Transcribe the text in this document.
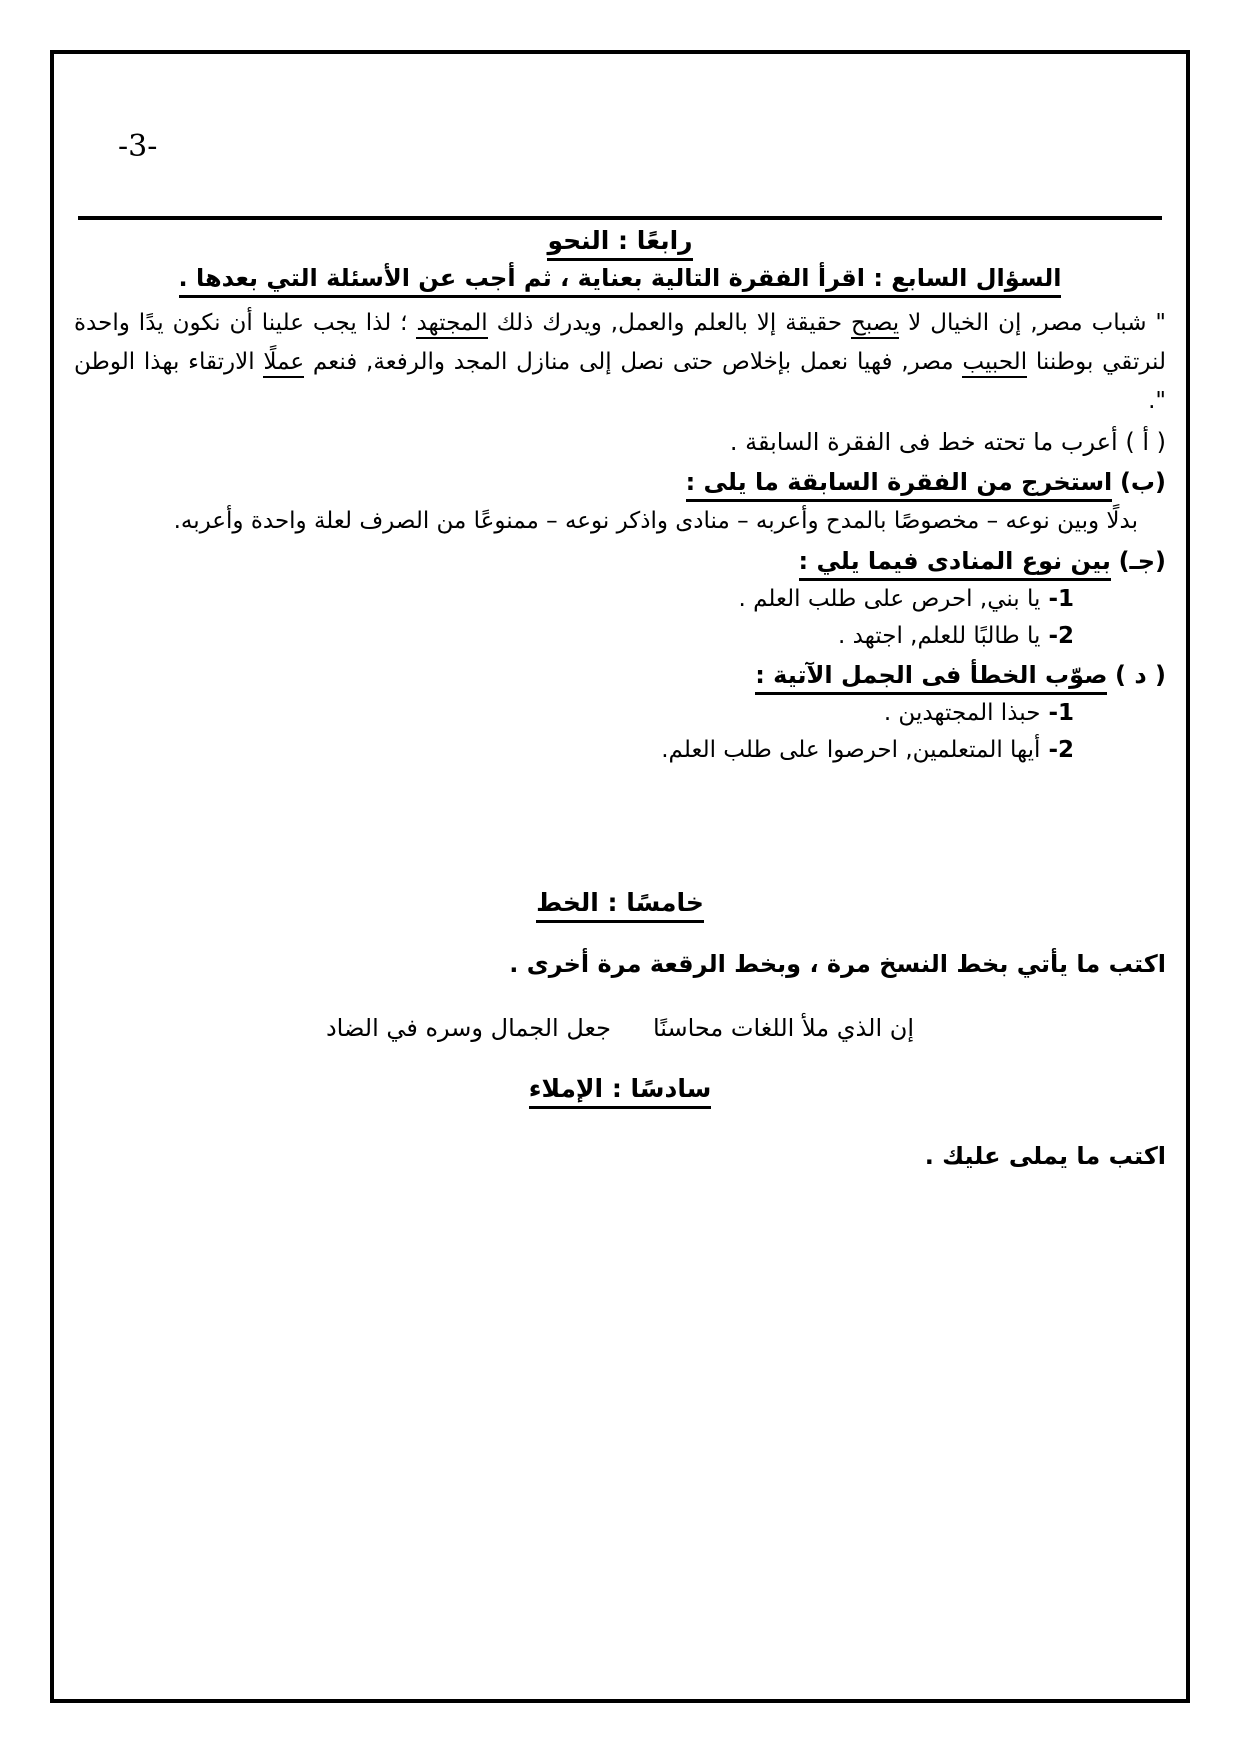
-3-
رابعًا : النحو
السؤال السابع : اقرأ الفقرة التالية بعناية ، ثم أجب عن الأسئلة التي بعدها .
" شباب مصر, إن الخيال لا يصبح حقيقة إلا بالعلم والعمل, ويدرك ذلك المجتهد ؛ لذا يجب علينا أن نكون يدًا واحدة لنرتقي بوطننا الحبيب مصر, فهيا نعمل بإخلاص حتى نصل إلى منازل المجد والرفعة, فنعم عملًا الارتقاء بهذا الوطن ".
( أ ) أعرب ما تحته خط فى الفقرة السابقة .
(ب) استخرج من الفقرة السابقة ما يلى :
بدلًا وبين نوعه – مخصوصًا بالمدح وأعربه – منادى واذكر نوعه – ممنوعًا من الصرف لعلة واحدة وأعربه.
(جـ) بين نوع المنادى فيما يلي :
1-يا بني, احرص على طلب العلم .
2-يا طالبًا للعلم, اجتهد .
( د ) صوّب الخطأ فى الجمل الآتية :
1-حبذا المجتهدين .
2-أيها المتعلمين, احرصوا على طلب العلم.
خامسًا : الخط
اكتب ما يأتي بخط النسخ مرة ، وبخط الرقعة مرة أخرى .
إن الذي ملأ اللغات محاسنًا
جعل الجمال وسره في الضاد
سادسًا : الإملاء
اكتب ما يملى عليك .
